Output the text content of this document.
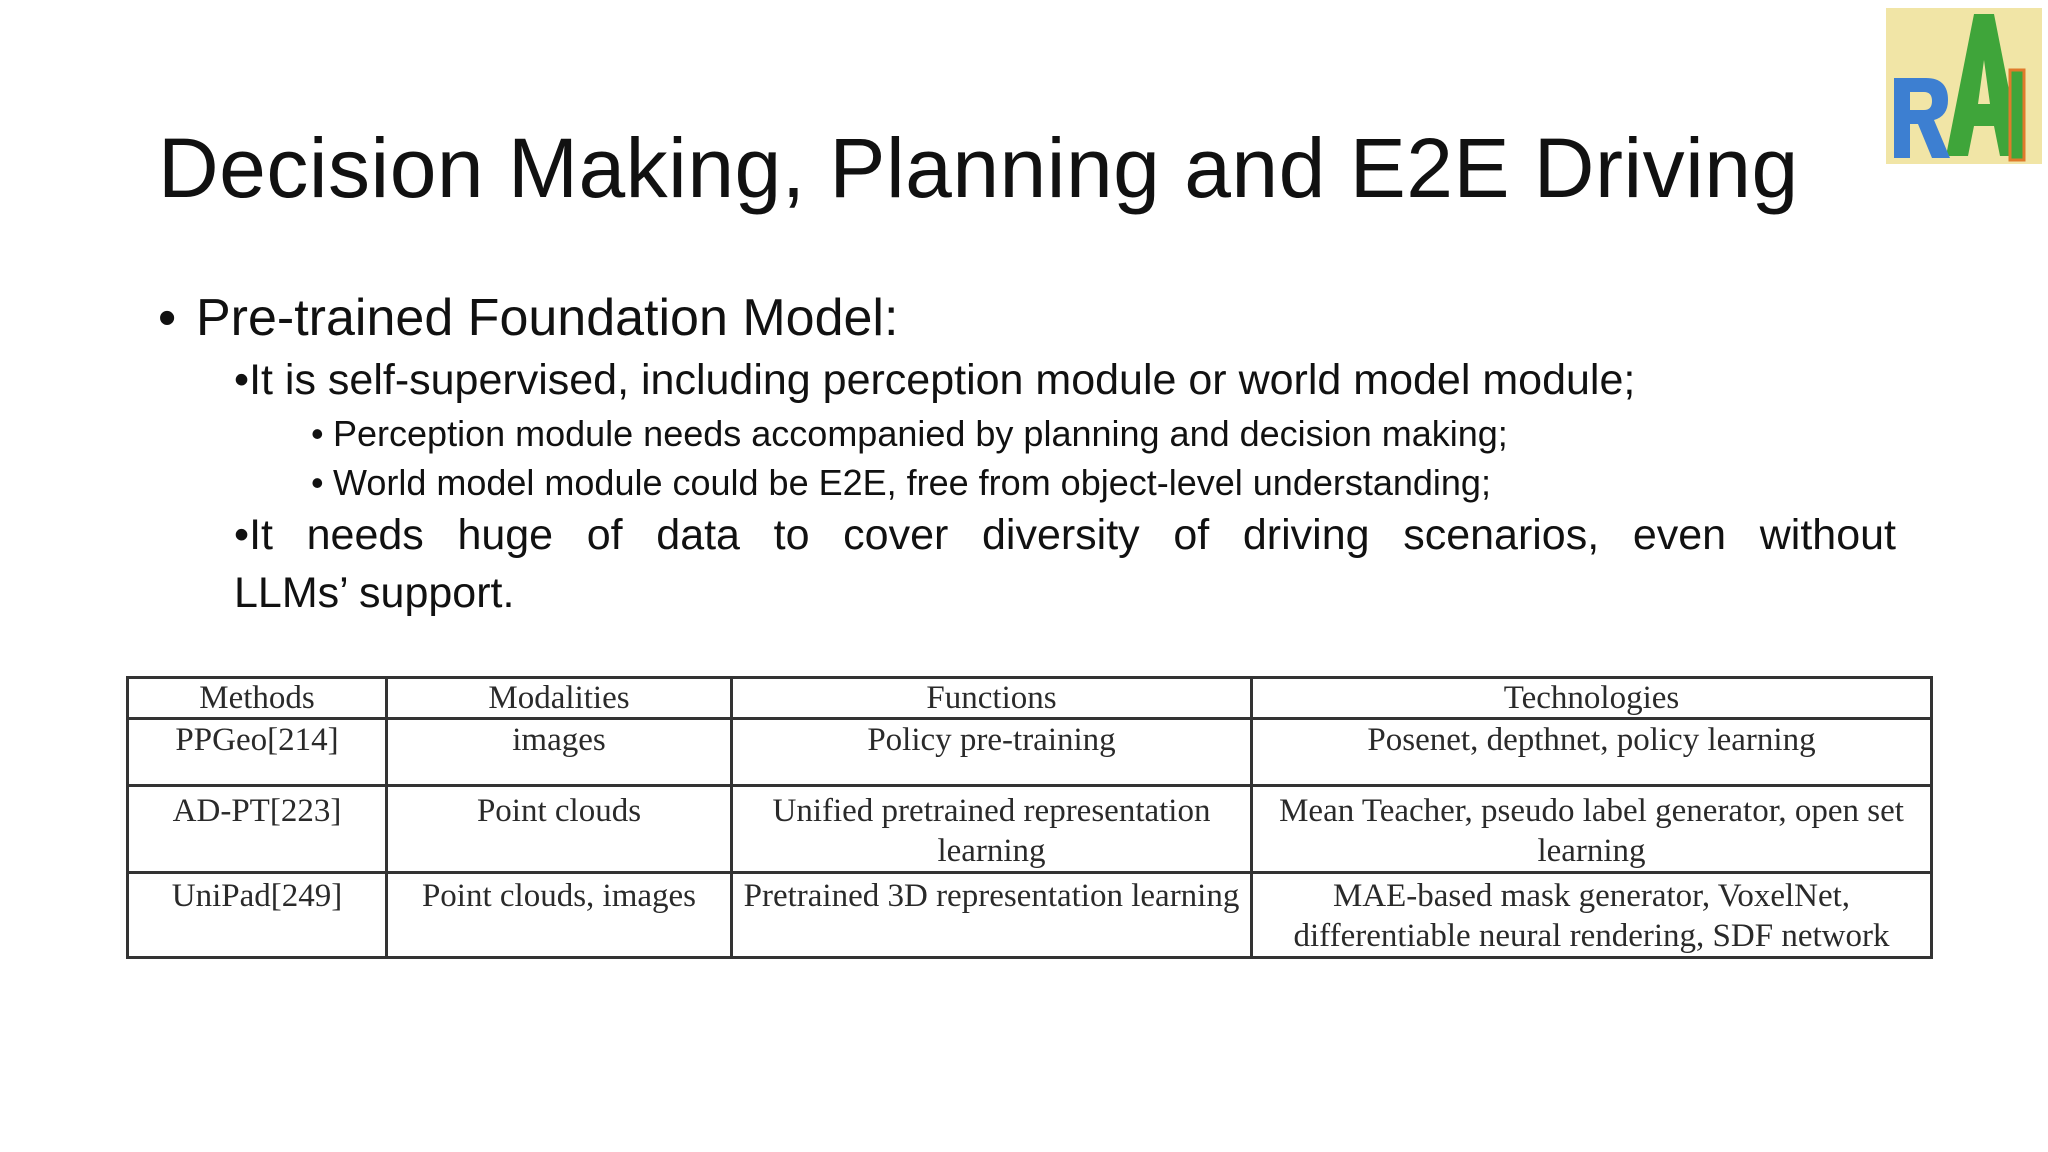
Decision Making, Planning and E2E Driving
• Pre-trained Foundation Model:
•It is self-supervised, including perception module or world model module;
• Perception module needs accompanied by planning and decision making;
• World model module could be E2E, free from object-level understanding;
•It needs huge of data to cover diversity of driving scenarios, even without
LLMs’ support.
Methods	Modalities	Functions	Technologies
PPGeo[214]	images	Policy pre-training	Posenet, depthnet, policy learning
AD-PT[223]	Point clouds	Unified pretrained representation learning	Mean Teacher, pseudo label generator, open set learning
UniPad[249]	Point clouds, images	Pretrained 3D representation learning	MAE-based mask generator, VoxelNet, differentiable neural rendering, SDF network
